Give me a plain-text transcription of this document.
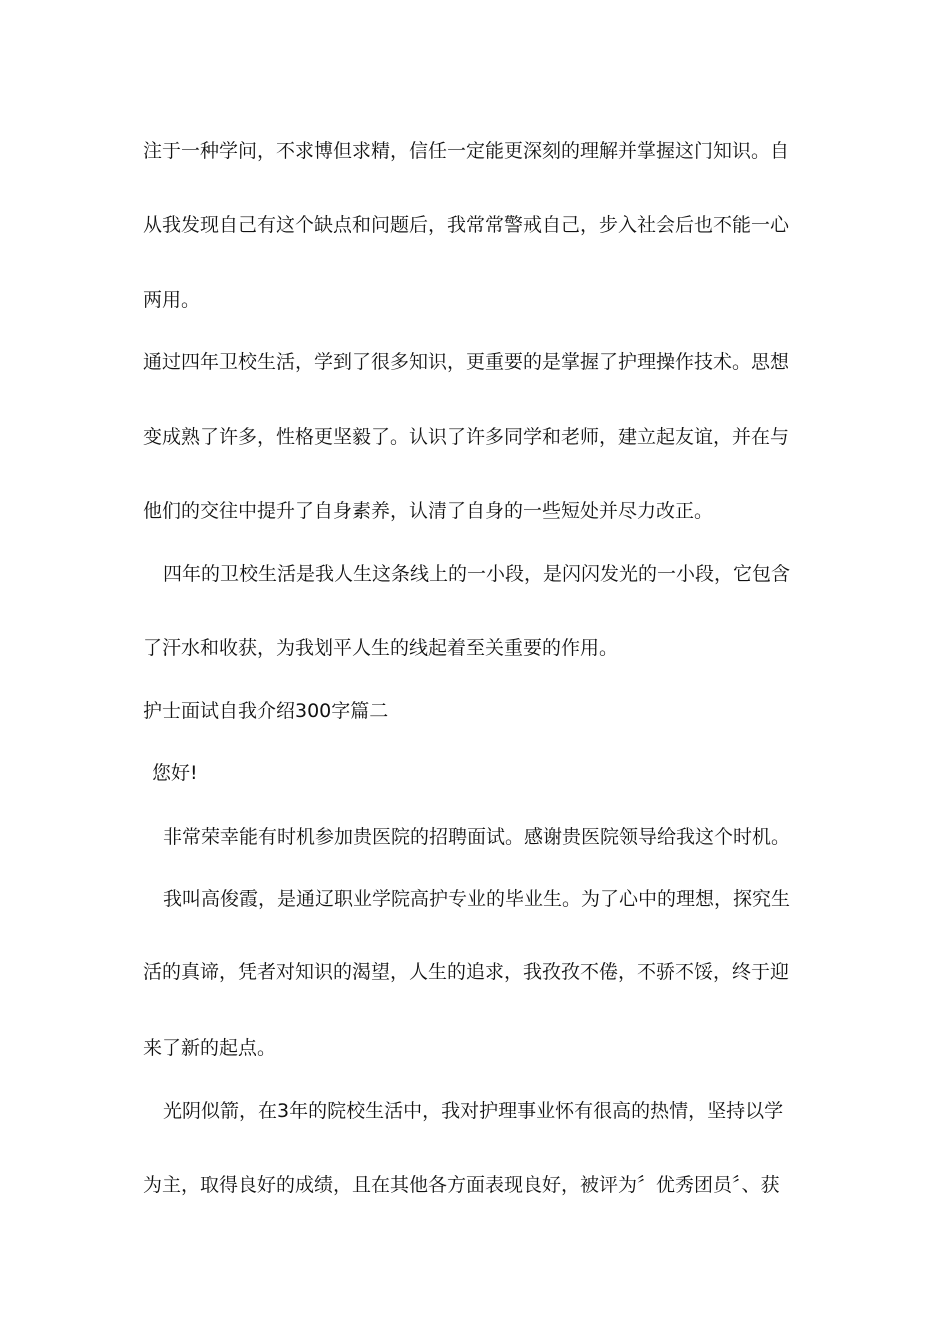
注于一种学问，不求博但求精，信任一定能更深刻的理解并掌握这门知识。自
从我发现自己有这个缺点和问题后，我常常警戒自己，步入社会后也不能一心
两用。
通过四年卫校生活，学到了很多知识，更重要的是掌握了护理操作技术。思想
变成熟了许多，性格更坚毅了。认识了许多同学和老师，建立起友谊，并在与
他们的交往中提升了自身素养，认清了自身的一些短处并尽力改正。
四年的卫校生活是我人生这条线上的一小段，是闪闪发光的一小段，它包含
了汗水和收获，为我划平人生的线起着至关重要的作用。
护士面试自我介绍300字篇二
您好!
非常荣幸能有时机参加贵医院的招聘面试。感谢贵医院领导给我这个时机。
我叫高俊霞，是通辽职业学院高护专业的毕业生。为了心中的理想，探究生
活的真谛，凭者对知识的渴望，人生的追求，我孜孜不倦，不骄不馁，终于迎
来了新的起点。
光阴似箭，在3年的院校生活中，我对护理事业怀有很高的热情，坚持以学
为主，取得良好的成绩，且在其他各方面表现良好，被评为〞优秀团员〞、获
